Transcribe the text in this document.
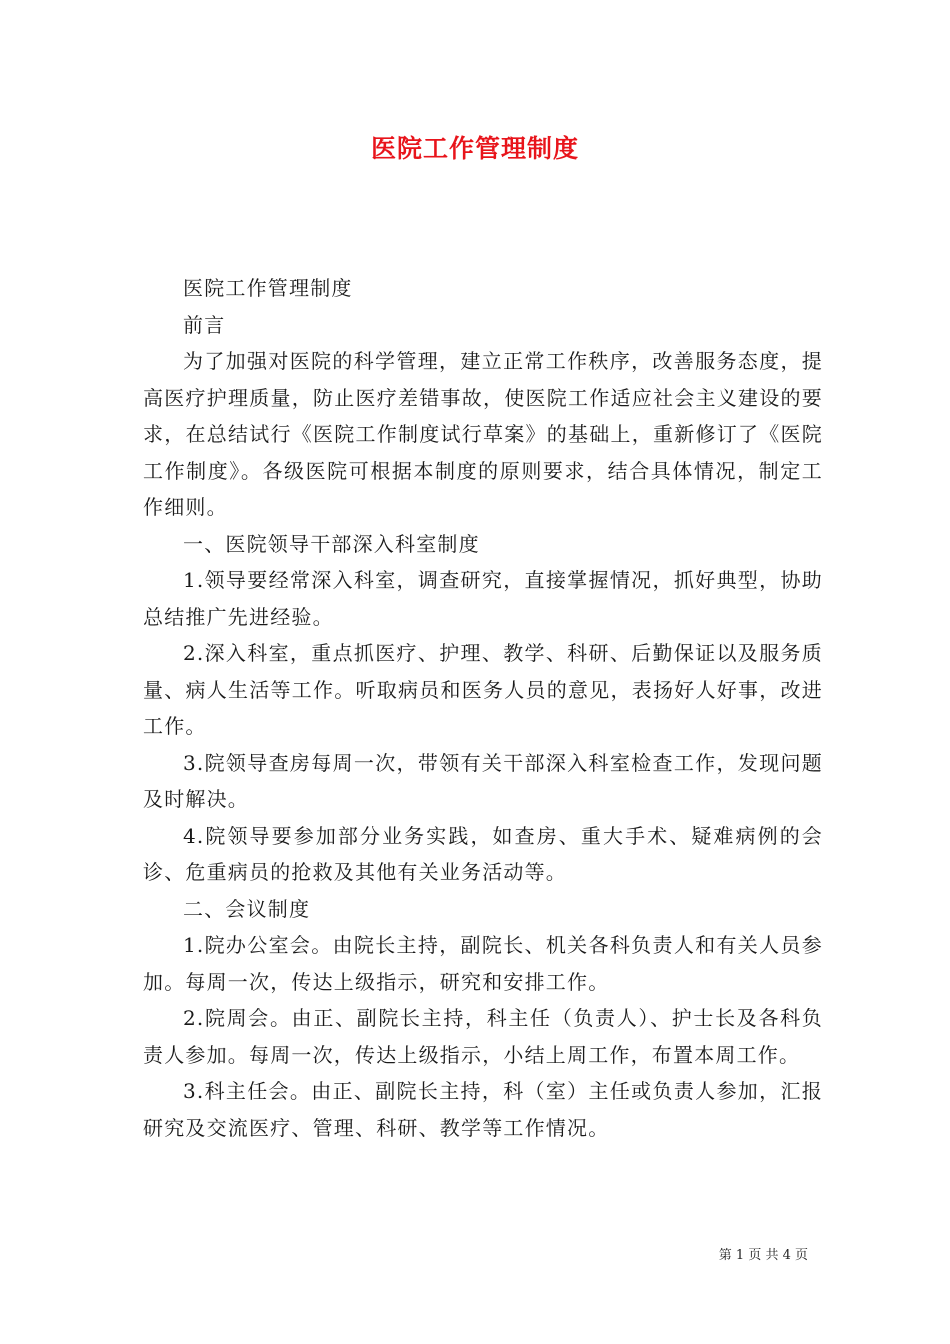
医院工作管理制度

医院工作管理制度

前言

为了加强对医院的科学管理，建立正常工作秩序，改善服务态度，提高医疗护理质量，防止医疗差错事故，使医院工作适应社会主义建设的要求，在总结试行《医院工作制度试行草案》的基础上，重新修订了《医院工作制度》。各级医院可根据本制度的原则要求，结合具体情况，制定工作细则。

一、医院领导干部深入科室制度

1.领导要经常深入科室，调查研究，直接掌握情况，抓好典型，协助总结推广先进经验。

2.深入科室，重点抓医疗、护理、教学、科研、后勤保证以及服务质量、病人生活等工作。听取病员和医务人员的意见，表扬好人好事，改进工作。

3.院领导查房每周一次，带领有关干部深入科室检查工作，发现问题及时解决。

4.院领导要参加部分业务实践，如查房、重大手术、疑难病例的会诊、危重病员的抢救及其他有关业务活动等。

二、会议制度

1.院办公室会。由院长主持，副院长、机关各科负责人和有关人员参加。每周一次，传达上级指示，研究和安排工作。

2.院周会。由正、副院长主持，科主任（负责人）、护士长及各科负责人参加。每周一次，传达上级指示，小结上周工作，布置本周工作。

3.科主任会。由正、副院长主持，科（室）主任或负责人参加，汇报研究及交流医疗、管理、科研、教学等工作情况。

第 1 页 共 4 页
